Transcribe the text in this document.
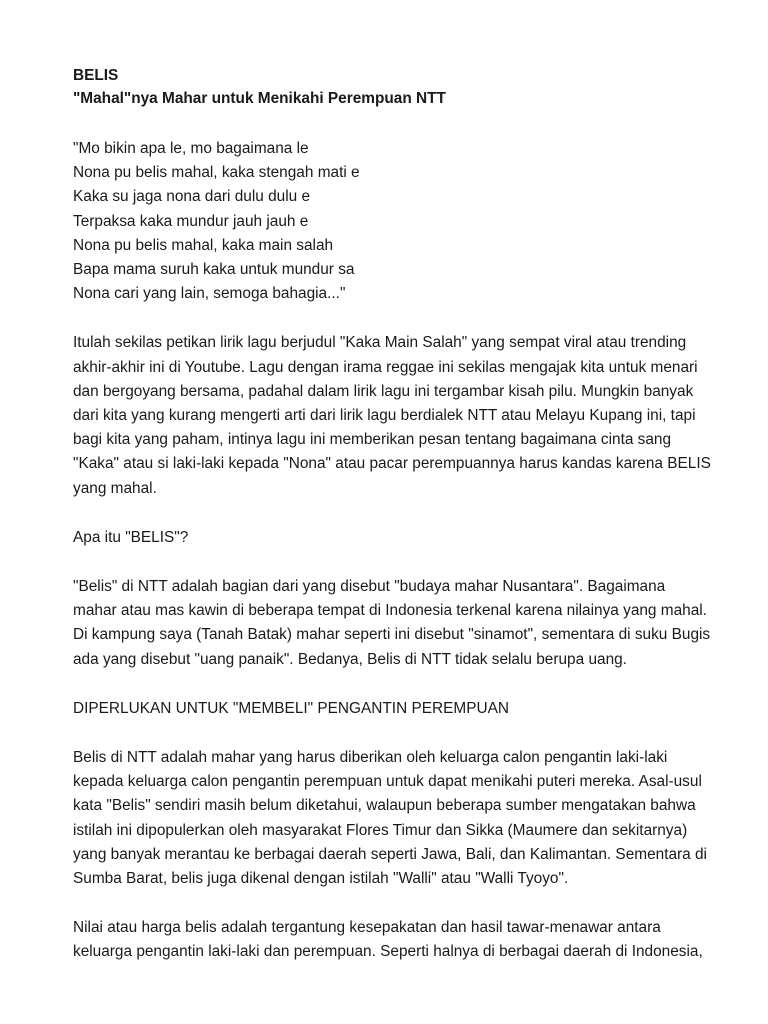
BELIS
"Mahal"nya Mahar untuk Menikahi Perempuan NTT
"Mo bikin apa le, mo bagaimana le
Nona pu belis mahal, kaka stengah mati e
Kaka su jaga nona dari dulu dulu e
Terpaksa kaka mundur jauh jauh e
Nona pu belis mahal, kaka main salah
Bapa mama suruh kaka untuk mundur sa
Nona cari yang lain, semoga bahagia..."

Itulah sekilas petikan lirik lagu berjudul "Kaka Main Salah" yang sempat viral atau trending akhir-akhir ini di Youtube. Lagu dengan irama reggae ini sekilas mengajak kita untuk menari dan bergoyang bersama, padahal dalam lirik lagu ini tergambar kisah pilu. Mungkin banyak dari kita yang kurang mengerti arti dari lirik lagu berdialek NTT atau Melayu Kupang ini, tapi bagi kita yang paham, intinya lagu ini memberikan pesan tentang bagaimana cinta sang "Kaka" atau si laki-laki kepada "Nona" atau pacar perempuannya harus kandas karena BELIS yang mahal.

Apa itu "BELIS"?

"Belis" di NTT adalah bagian dari yang disebut "budaya mahar Nusantara". Bagaimana mahar atau mas kawin di beberapa tempat di Indonesia terkenal karena nilainya yang mahal. Di kampung saya (Tanah Batak) mahar seperti ini disebut "sinamot", sementara di suku Bugis ada yang disebut "uang panaik". Bedanya, Belis di NTT tidak selalu berupa uang.

DIPERLUKAN UNTUK "MEMBELI" PENGANTIN PEREMPUAN

Belis di NTT adalah mahar yang harus diberikan oleh keluarga calon pengantin laki-laki kepada keluarga calon pengantin perempuan untuk dapat menikahi puteri mereka. Asal-usul kata "Belis" sendiri masih belum diketahui, walaupun beberapa sumber mengatakan bahwa istilah ini dipopulerkan oleh masyarakat Flores Timur dan Sikka (Maumere dan sekitarnya) yang banyak merantau ke berbagai daerah seperti Jawa, Bali, dan Kalimantan. Sementara di Sumba Barat, belis juga dikenal dengan istilah "Walli" atau "Walli Tyoyo".

Nilai atau harga belis adalah tergantung kesepakatan dan hasil tawar-menawar antara keluarga pengantin laki-laki dan perempuan. Seperti halnya di berbagai daerah di Indonesia,
